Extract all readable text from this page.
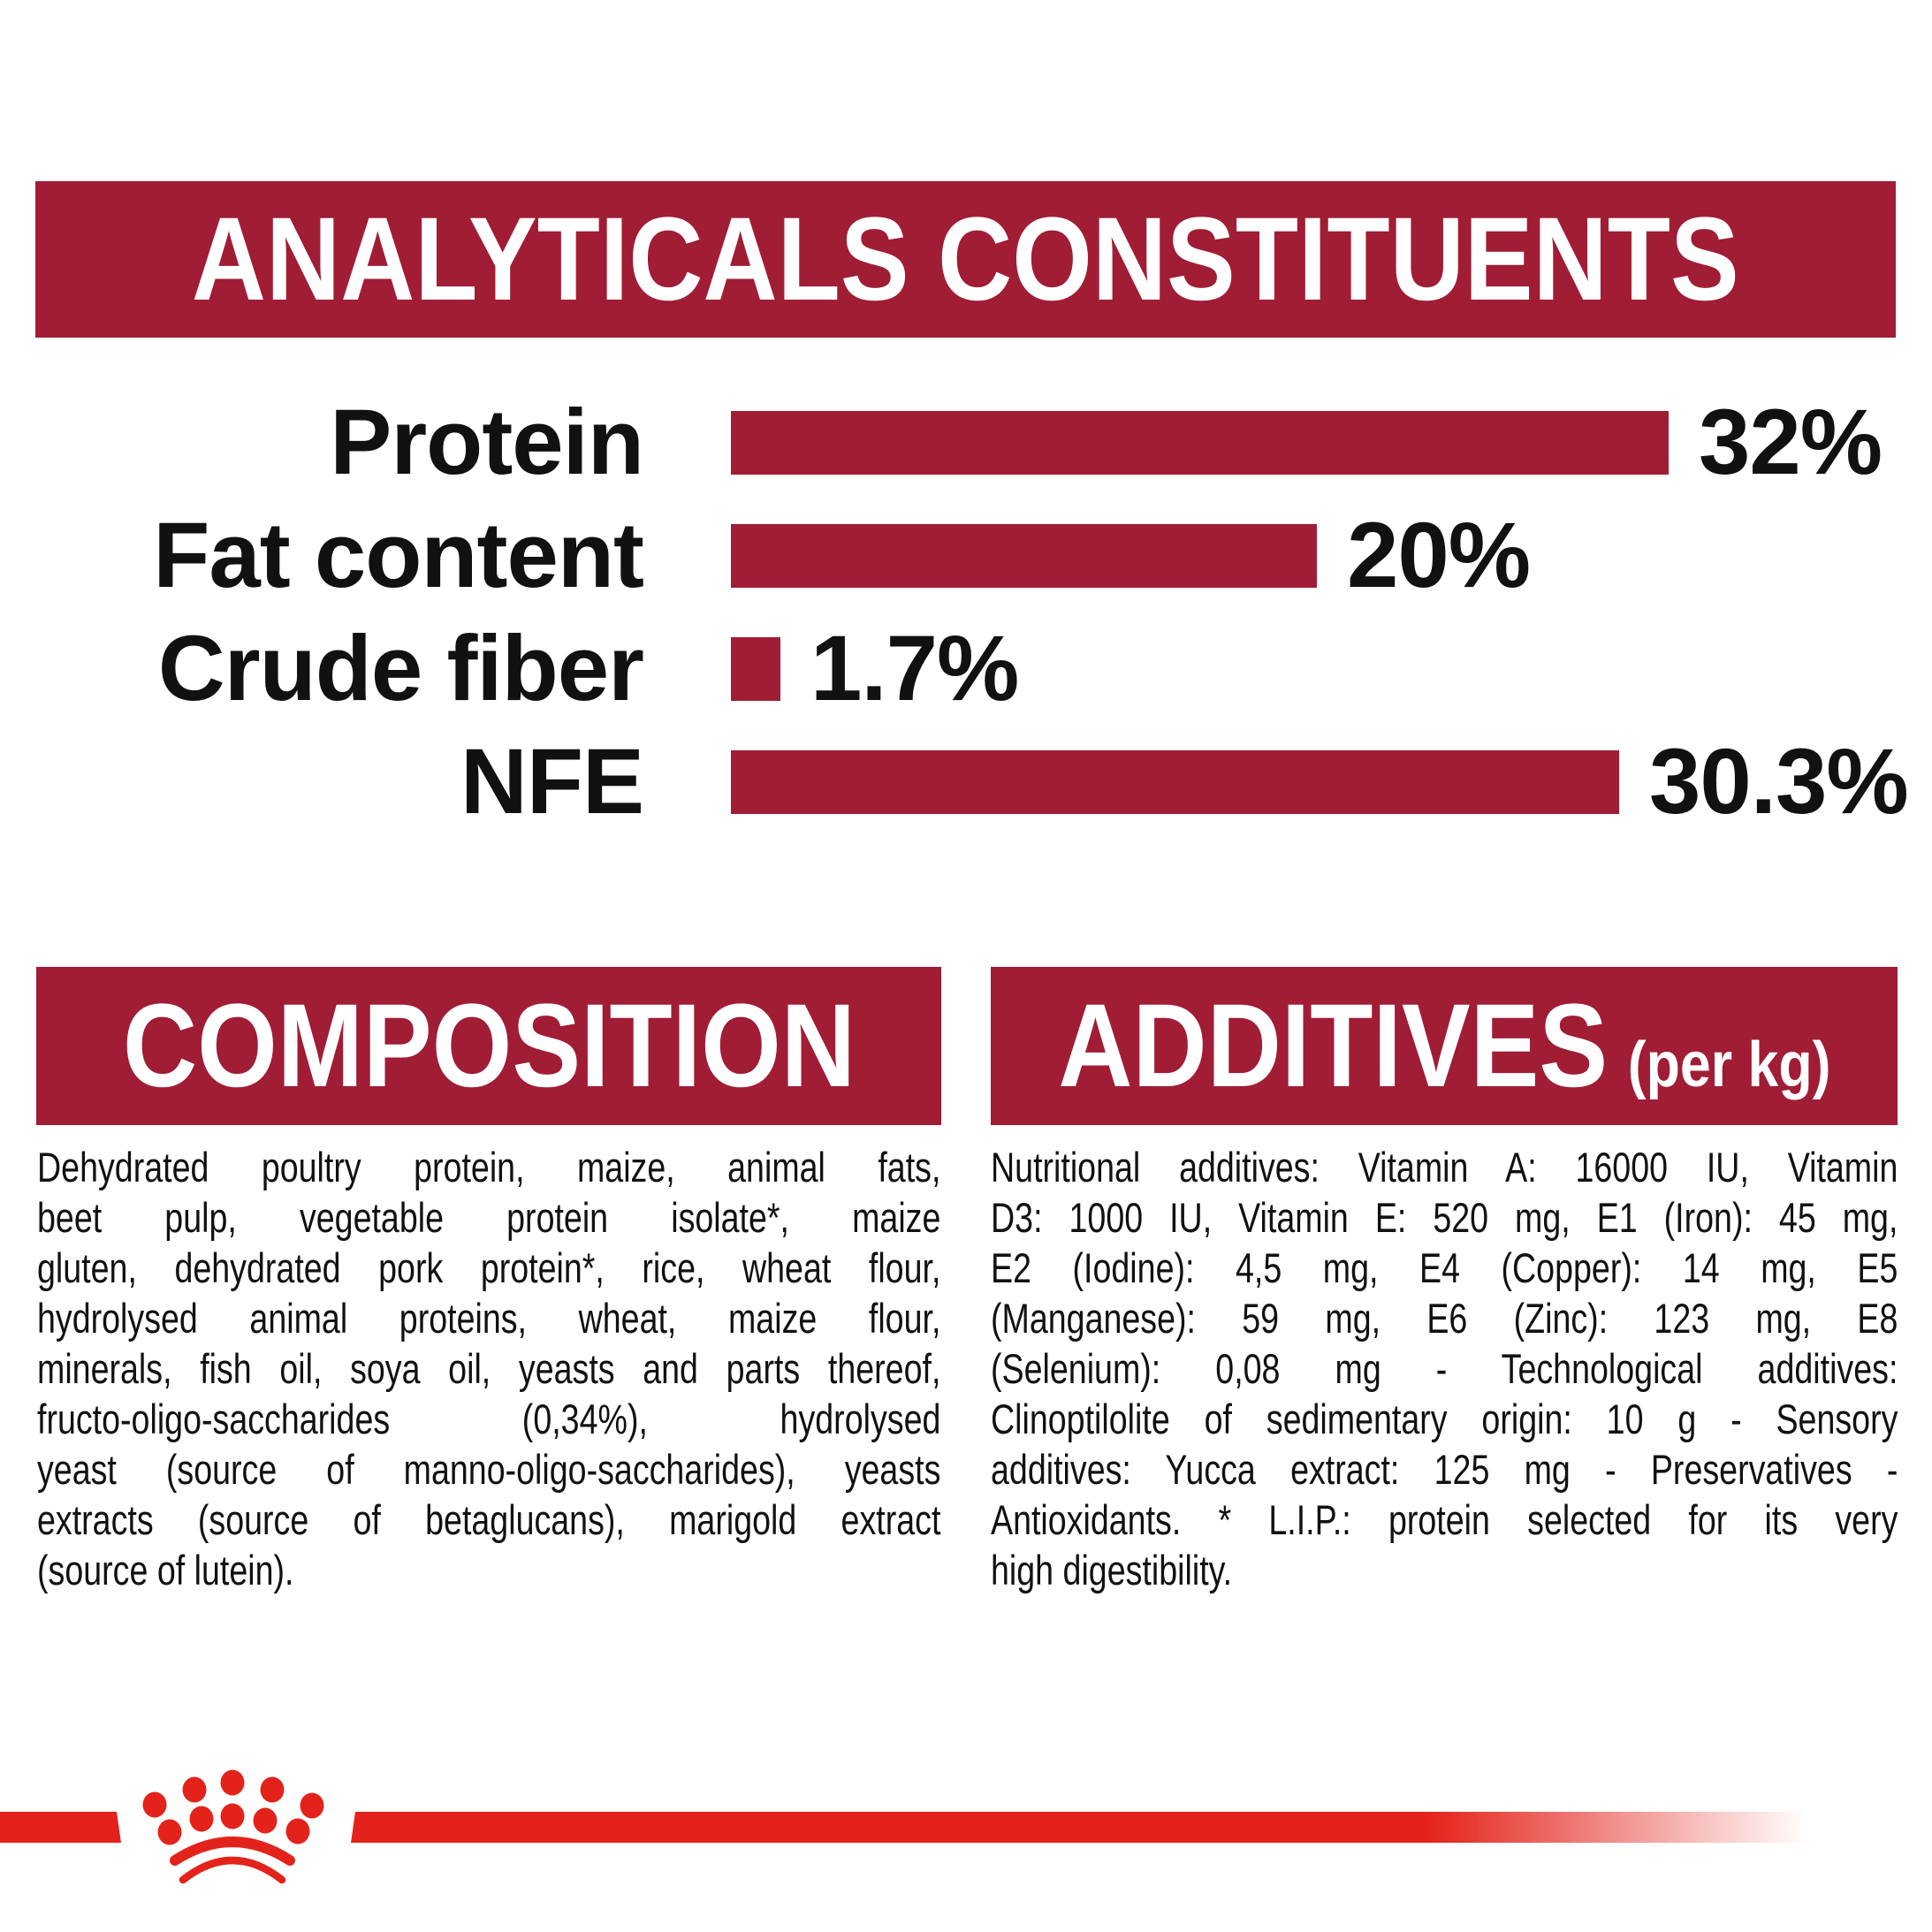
ANALYTICALS CONSTITUENTS
Protein	32%
Fat content	20%
Crude fiber 1.7%
NFE	30.3%
COMPOSITION ADDITIVES (per kg)
Dehydrated poultry protein, maize, animal fats,
beet pulp, vegetable protein isolate*, maize
gluten, dehydrated pork protein*, rice, wheat flour,
hydrolysed animal proteins, wheat, maize flour,
minerals, fish oil, soya oil, yeasts and parts thereof,
fructo-oligo-saccharides (0,34%), hydrolysed
yeast (source of manno-oligo-saccharides), yeasts
extracts (source of betaglucans), marigold extract
(source of lutein).
Nutritional additives: Vitamin A: 16000 IU, Vitamin
D3: 1000 IU, Vitamin E: 520 mg, E1 (Iron): 45 mg,
E2 (Iodine): 4,5 mg, E4 (Copper): 14 mg, E5
(Manganese): 59 mg, E6 (Zinc): 123 mg, E8
(Selenium): 0,08 mg - Technological additives:
Clinoptilolite of sedimentary origin: 10 g - Sensory
additives: Yucca extract: 125 mg - Preservatives -
Antioxidants. * L.I.P.: protein selected for its very
high digestibility.
